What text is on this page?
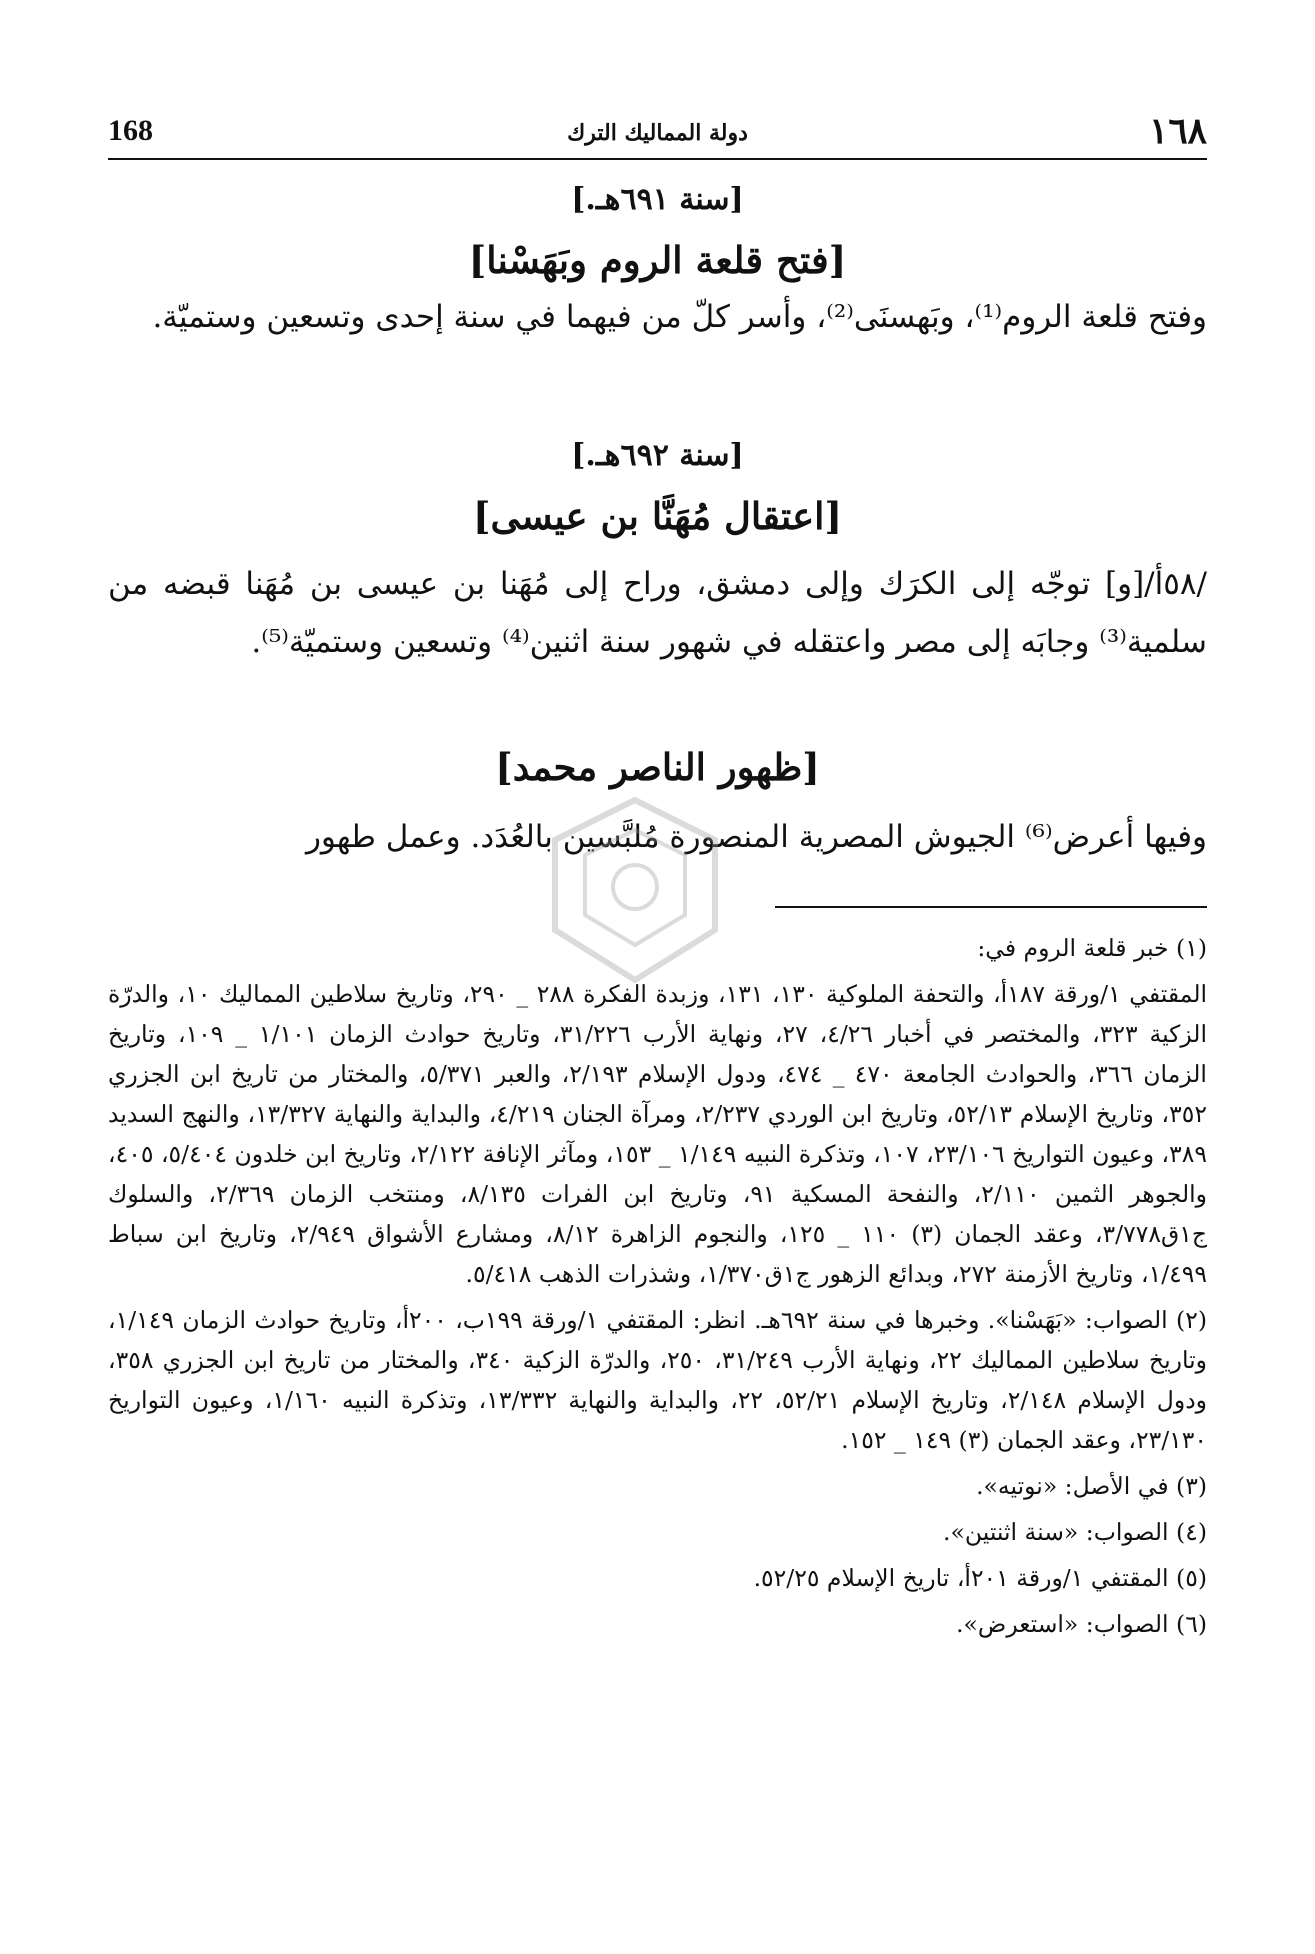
١٦٨
دولة المماليك الترك
168
[سنة ٦٩١هـ.]
[فتح قلعة الروم وبَهَسْنا]

وفتح قلعة الروم⁽¹⁾، وبَهسنَى⁽²⁾، وأسر كلّ من فيهما في سنة إحدى وتسعين وستميّة.

[سنة ٦٩٢هـ.]
[اعتقال مُهَنَّا بن عيسى]

/٥٨أ/[و] توجّه إلى الكرَك وإلى دمشق، وراح إلى مُهَنا بن عيسى بن مُهَنا قبضه من سلمية⁽³⁾ وجابَه إلى مصر واعتقله في شهور سنة اثنين⁽⁴⁾ وتسعين وستميّة⁽⁵⁾.

[ظهور الناصر محمد]

وفيها أعرض⁽⁶⁾ الجيوش المصرية المنصورة مُلبَّسين بالعُدَد. وعمل طهور

(١) خبر قلعة الروم في:

المقتفي ١/ورقة ١٨٧أ، والتحفة الملوكية ١٣٠، ١٣١، وزبدة الفكرة ٢٨٨ _ ٢٩٠، وتاريخ سلاطين المماليك ١٠، والدرّة الزكية ٣٢٣، والمختصر في أخبار ٤/٢٦، ٢٧، ونهاية الأرب ٣١/٢٢٦، وتاريخ حوادث الزمان ١/١٠١ _ ١٠٩، وتاريخ الزمان ٣٦٦، والحوادث الجامعة ٤٧٠ _ ٤٧٤، ودول الإسلام ٢/١٩٣، والعبر ٥/٣٧١، والمختار من تاريخ ابن الجزري ٣٥٢، وتاريخ الإسلام ٥٢/١٣، وتاريخ ابن الوردي ٢/٢٣٧، ومرآة الجنان ٤/٢١٩، والبداية والنهاية ١٣/٣٢٧، والنهج السديد ٣٨٩، وعيون التواريخ ٢٣/١٠٦، ١٠٧، وتذكرة النبيه ١/١٤٩ _ ١٥٣، ومآثر الإنافة ٢/١٢٢، وتاريخ ابن خلدون ٥/٤٠٤، ٤٠٥، والجوهر الثمين ٢/١١٠، والنفحة المسكية ٩١، وتاريخ ابن الفرات ٨/١٣٥، ومنتخب الزمان ٢/٣٦٩، والسلوك ج١ق٣/٧٧٨، وعقد الجمان (٣) ١١٠ _ ١٢٥، والنجوم الزاهرة ٨/١٢، ومشارع الأشواق ٢/٩٤٩، وتاريخ ابن سباط ١/٤٩٩، وتاريخ الأزمنة ٢٧٢، وبدائع الزهور ج١ق١/٣٧٠، وشذرات الذهب ٥/٤١٨.

(٢) الصواب: «بَهَسْنا». وخبرها في سنة ٦٩٢هـ. انظر: المقتفي ١/ورقة ١٩٩ب، ٢٠٠أ، وتاريخ حوادث الزمان ١/١٤٩، وتاريخ سلاطين المماليك ٢٢، ونهاية الأرب ٣١/٢٤٩، ٢٥٠، والدرّة الزكية ٣٤٠، والمختار من تاريخ ابن الجزري ٣٥٨، ودول الإسلام ٢/١٤٨، وتاريخ الإسلام ٥٢/٢١، ٢٢، والبداية والنهاية ١٣/٣٣٢، وتذكرة النبيه ١/١٦٠، وعيون التواريخ ٢٣/١٣٠، وعقد الجمان (٣) ١٤٩ _ ١٥٢.

(٣) في الأصل: «نوتيه».

(٤) الصواب: «سنة اثنتين».

(٥) المقتفي ١/ورقة ٢٠١أ، تاريخ الإسلام ٥٢/٢٥.

(٦) الصواب: «استعرض».
